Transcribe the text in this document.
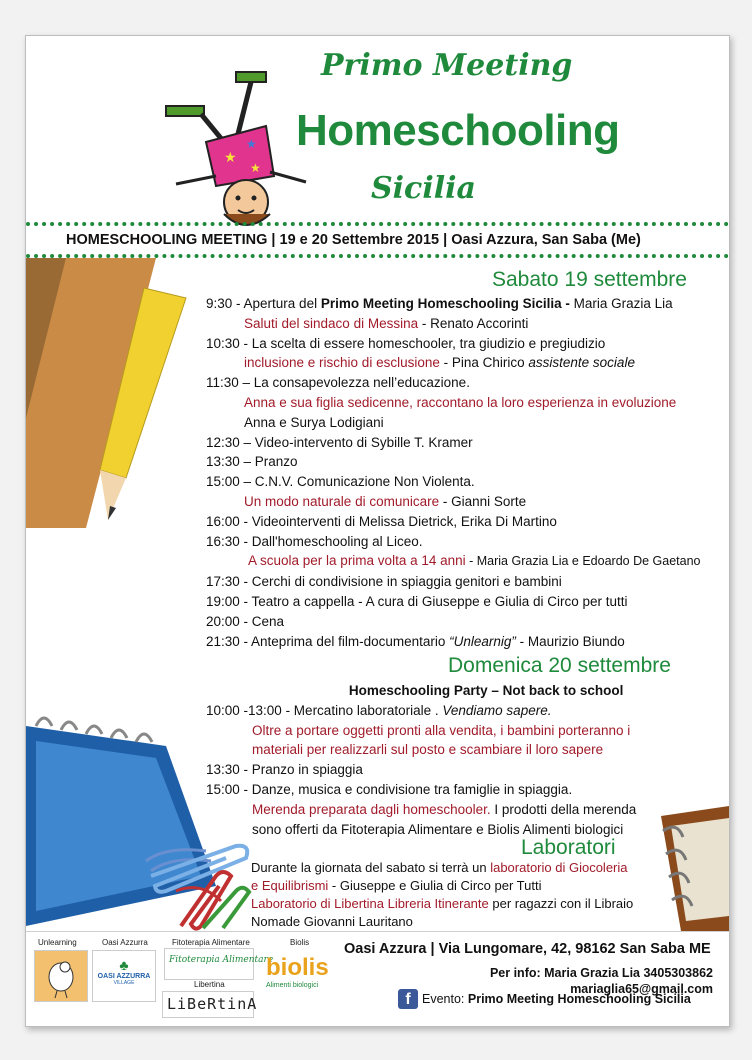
★
★
★
Primo Meeting
Homeschooling
Sicilia
HOMESCHOOLING MEETING | 19 e 20 Settembre 2015 | Oasi Azzura, San Saba (Me)
Sabato 19 settembre
9:30 - Apertura del Primo Meeting Homeschooling Sicilia - Maria Grazia Lia
Saluti del sindaco di Messina - Renato Accorinti
10:30 - La scelta di essere homeschooler, tra giudizio e pregiudizio
inclusione e rischio di esclusione - Pina Chirico assistente sociale
11:30 – La consapevolezza nell’educazione.
Anna e sua figlia sedicenne, raccontano la loro esperienza in evoluzione
Anna e Surya Lodigiani
12:30 – Video-intervento di Sybille T. Kramer
13:30 – Pranzo
15:00 – C.N.V. Comunicazione Non Violenta.
Un modo naturale di comunicare - Gianni Sorte
16:00 - Videointerventi di Melissa Dietrick, Erika Di Martino
16:30 - Dall'homeschooling al Liceo.
A scuola per la prima volta a 14 anni - Maria Grazia Lia e Edoardo De Gaetano
17:30 - Cerchi di condivisione in spiaggia genitori e bambini
19:00 - Teatro a cappella - A cura di Giuseppe e Giulia di Circo per tutti
20:00 - Cena
21:30 - Anteprima del film-documentario “Unlearnig” - Maurizio Biundo
Domenica 20 settembre
Homeschooling Party – Not back to school
10:00 -13:00 - Mercatino laboratoriale . Vendiamo sapere.
Oltre a portare oggetti pronti alla vendita, i bambini porteranno i
materiali per realizzarli sul posto e scambiare il loro sapere
13:30 - Pranzo in spiaggia
15:00 - Danze, musica e condivisione tra famiglie in spiaggia.
Merenda preparata dagli homeschooler. I prodotti della merenda
sono offerti da Fitoterapia Alimentare e Biolis Alimenti biologici
Laboratori
Durante la giornata del sabato si terrà un laboratorio di Giocoleria
e Equilibrismi - Giuseppe e Giulia di Circo per Tutti
Laboratorio di Libertina Libreria Itinerante per ragazzi con il Libraio
Nomade Giovanni Lauritano
Unlearning	Oasi Azzurra
♣
OASI AZZURRA
VILLAGE
Fitoterapia Alimentare
Fitoterapia Alimentare
Libertina
LiBeRtinA
Biolis
biolis
Alimenti biologici
Oasi Azzura | Via Lungomare, 42, 98162 San Saba ME
Per info: Maria Grazia Lia 3405303862
mariaglia65@gmail.com
f Evento: Primo Meeting Homeschooling Sicilia
